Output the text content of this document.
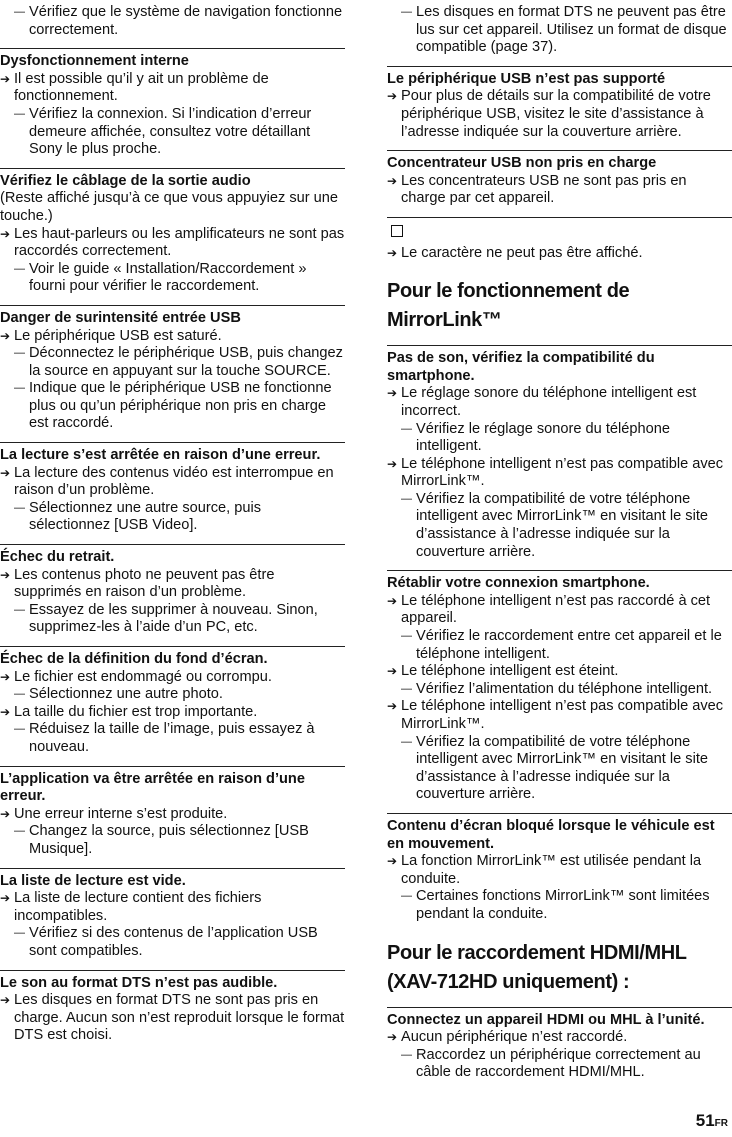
— Vérifiez que le système de navigation fonctionne correctement.
Dysfonctionnement interne
➔ Il est possible qu’il y ait un problème de fonctionnement.
— Vérifiez la connexion. Si l’indication d’erreur demeure affichée, consultez votre détaillant Sony le plus proche.
Vérifiez le câblage de la sortie audio
(Reste affiché jusqu’à ce que vous appuyiez sur une touche.)
➔ Les haut-parleurs ou les amplificateurs ne sont pas raccordés correctement.
— Voir le guide « Installation/Raccordement » fourni pour vérifier le raccordement.
Danger de surintensité entrée USB
➔ Le périphérique USB est saturé.
— Déconnectez le périphérique USB, puis changez la source en appuyant sur la touche SOURCE.
— Indique que le périphérique USB ne fonctionne plus ou qu’un périphérique non pris en charge est raccordé.
La lecture s’est arrêtée en raison d’une erreur.
➔ La lecture des contenus vidéo est interrompue en raison d’un problème.
— Sélectionnez une autre source, puis sélectionnez [USB Video].
Échec du retrait.
➔ Les contenus photo ne peuvent pas être supprimés en raison d’un problème.
— Essayez de les supprimer à nouveau. Sinon, supprimez-les à l’aide d’un PC, etc.
Échec de la définition du fond d’écran.
➔ Le fichier est endommagé ou corrompu.
— Sélectionnez une autre photo.
➔ La taille du fichier est trop importante.
— Réduisez la taille de l’image, puis essayez à nouveau.
L’application va être arrêtée en raison d’une erreur.
➔ Une erreur interne s’est produite.
— Changez la source, puis sélectionnez [USB Musique].
La liste de lecture est vide.
➔ La liste de lecture contient des fichiers incompatibles.
— Vérifiez si des contenus de l’application USB sont compatibles.
Le son au format DTS n’est pas audible.
➔ Les disques en format DTS ne sont pas pris en charge. Aucun son n’est reproduit lorsque le format DTS est choisi.
— Les disques en format DTS ne peuvent pas être lus sur cet appareil. Utilisez un format de disque compatible (page 37).
Le périphérique USB n’est pas supporté
➔ Pour plus de détails sur la compatibilité de votre périphérique USB, visitez le site d’assistance à l’adresse indiquée sur la couverture arrière.
Concentrateur USB non pris en charge
➔ Les concentrateurs USB ne sont pas pris en charge par cet appareil.
➔ Le caractère ne peut pas être affiché.
Pour le fonctionnement de MirrorLink™
Pas de son, vérifiez la compatibilité du smartphone.
➔ Le réglage sonore du téléphone intelligent est incorrect.
— Vérifiez le réglage sonore du téléphone intelligent.
➔ Le téléphone intelligent n’est pas compatible avec MirrorLink™.
— Vérifiez la compatibilité de votre téléphone intelligent avec MirrorLink™ en visitant le site d’assistance à l’adresse indiquée sur la couverture arrière.
Rétablir votre connexion smartphone.
➔ Le téléphone intelligent n’est pas raccordé à cet appareil.
— Vérifiez le raccordement entre cet appareil et le téléphone intelligent.
➔ Le téléphone intelligent est éteint.
— Vérifiez l’alimentation du téléphone intelligent.
➔ Le téléphone intelligent n’est pas compatible avec MirrorLink™.
— Vérifiez la compatibilité de votre téléphone intelligent avec MirrorLink™ en visitant le site d’assistance à l’adresse indiquée sur la couverture arrière.
Contenu d’écran bloqué lorsque le véhicule est en mouvement.
➔ La fonction MirrorLink™ est utilisée pendant la conduite.
— Certaines fonctions MirrorLink™ sont limitées pendant la conduite.
Pour le raccordement HDMI/MHL (XAV-712HD uniquement) :
Connectez un appareil HDMI ou MHL à l’unité.
➔ Aucun périphérique n’est raccordé.
— Raccordez un périphérique correctement au câble de raccordement HDMI/MHL.
51FR
